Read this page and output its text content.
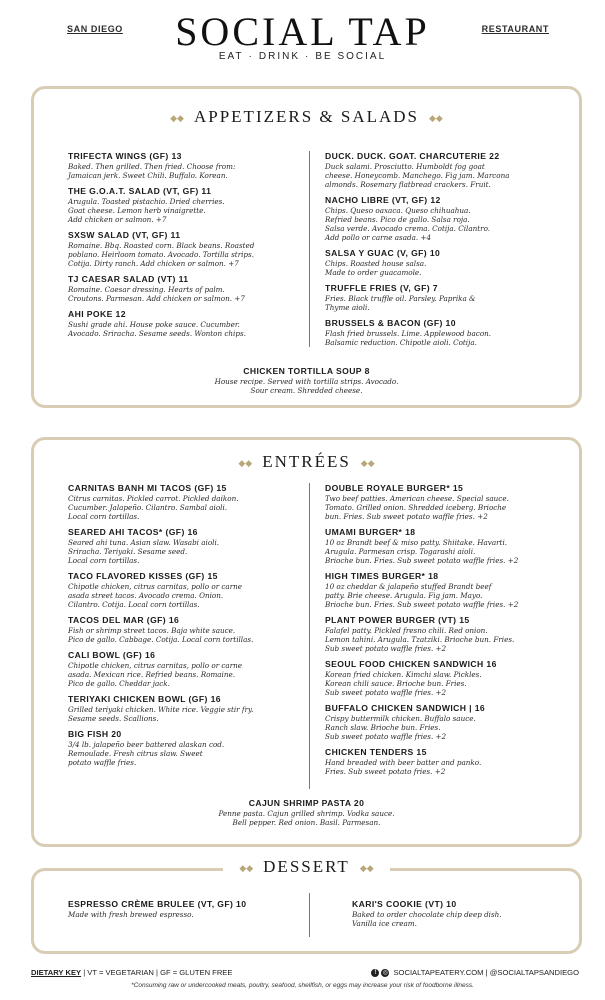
SAN DIEGO	SOCIAL TAP	RESTAURANT
EAT · DRINK · BE SOCIAL
◆◆ APPETIZERS & SALADS ◆◆
TRIFECTA WINGS (GF) 13
Baked. Then grilled. Then fried. Choose from:
Jamaican jerk. Sweet Chili. Buffalo. Korean.
THE G.O.A.T. SALAD (VT, GF) 11
Arugula. Toasted pistachio. Dried cherries.
Goat cheese. Lemon herb vinaigrette.
Add chicken or salmon. +7
SXSW SALAD (VT, GF) 11
Romaine. Bbq. Roasted corn. Black beans. Roasted
poblano. Heirloom tomato. Avocado. Tortilla strips.
Cotija. Dirty ranch. Add chicken or salmon. +7
TJ CAESAR SALAD (VT) 11
Romaine. Caesar dressing. Hearts of palm.
Croutons. Parmesan. Add chicken or salmon. +7
AHI POKE 12
Sushi grade ahi. House poke sauce. Cucumber.
Avocado. Sriracha. Sesame seeds. Wonton chips.
DUCK. DUCK. GOAT. CHARCUTERIE 22
Duck salami. Prosciutto. Humboldt fog goat
cheese. Honeycomb. Manchego. Fig jam. Marcona
almonds. Rosemary flatbread crackers. Fruit.
NACHO LIBRE (VT, GF) 12
Chips. Queso oaxaca. Queso chihuahua.
Refried beans. Pico de gallo. Salsa roja.
Salsa verde. Avocado crema. Cotija. Cilantro.
Add pollo or carne asada. +4
SALSA Y GUAC (V, GF) 10
Chips. Roasted house salsa.
Made to order guacamole.
TRUFFLE FRIES (V, GF) 7
Fries. Black truffle oil. Parsley. Paprika &
Thyme aioli.
BRUSSELS & BACON (GF) 10
Flash fried brussels. Lime. Applewood bacon.
Balsamic reduction. Chipotle aioli. Cotija.
CHICKEN TORTILLA SOUP 8
House recipe. Served with tortilla strips. Avocado.
Sour cream. Shredded cheese.
◆◆ ENTRÉES ◆◆
CARNITAS BANH MI TACOS (GF) 15
Citrus carnitas. Pickled carrot. Pickled daikon.
Cucumber. Jalapeño. Cilantro. Sambal aioli.
Local corn tortillas.
SEARED AHI TACOS* (GF) 16
Seared ahi tuna. Asian slaw. Wasabi aioli.
Sriracha. Teriyaki. Sesame seed.
Local corn tortillas.
TACO FLAVORED KISSES (GF) 15
Chipotle chicken, citrus carnitas, pollo or carne
asada street tacos. Avocado crema. Onion.
Cilantro. Cotija. Local corn tortillas.
TACOS DEL MAR (GF) 16
Fish or shrimp street tacos. Baja white sauce.
Pico de gallo. Cabbage. Cotija. Local corn tortillas.
CALI BOWL (GF) 16
Chipotle chicken, citrus carnitas, pollo or carne
asada. Mexican rice. Refried beans. Romaine.
Pico de gallo. Cheddar jack.
TERIYAKI CHICKEN BOWL (GF) 16
Grilled teriyaki chicken. White rice. Veggie stir fry.
Sesame seeds. Scallions.
BIG FISH 20
3/4 lb. jalapeño beer battered alaskan cod.
Remoulade. Fresh citrus slaw. Sweet
potato waffle fries.
DOUBLE ROYALE BURGER* 15
Two beef patties. American cheese. Special sauce.
Tomato. Grilled onion. Shredded iceberg. Brioche
bun. Fries. Sub sweet potato waffle fries. +2
UMAMI BURGER* 18
10 oz Brandt beef & miso patty. Shiitake. Havarti.
Arugula. Parmesan crisp. Togarashi aioli.
Brioche bun. Fries. Sub sweet potato waffle fries. +2
HIGH TIMES BURGER* 18
10 oz cheddar & jalapeño stuffed Brandt beef
patty. Brie cheese. Arugula. Fig jam. Mayo.
Brioche bun. Fries. Sub sweet potato waffle fries. +2
PLANT POWER BURGER (VT) 15
Falafel patty. Pickled fresno chili. Red onion.
Lemon tahini. Arugula. Tzatziki. Brioche bun. Fries.
Sub sweet potato waffle fries. +2
SEOUL FOOD CHICKEN SANDWICH 16
Korean fried chicken. Kimchi slaw. Pickles.
Korean chili sauce. Brioche bun. Fries.
Sub sweet potato waffle fries. +2
BUFFALO CHICKEN SANDWICH | 16
Crispy buttermilk chicken. Buffalo sauce.
Ranch slaw. Brioche bun. Fries.
Sub sweet potato waffle fries. +2
CHICKEN TENDERS 15
Hand breaded with beer batter and panko.
Fries. Sub sweet potato fries. +2
CAJUN SHRIMP PASTA 20
Penne pasta. Cajun grilled shrimp. Vodka sauce.
Bell pepper. Red onion. Basil. Parmesan.
◆◆ DESSERT ◆◆
ESPRESSO CRÈME BRULEE (VT, GF) 10
Made with fresh brewed espresso.
KARI'S COOKIE (VT) 10
Baked to order chocolate chip deep dish.
Vanilla ice cream.
DIETARY KEY | VT = VEGETARIAN | GF = GLUTEN FREE	f ◎ SOCIALTAPEATERY.COM | @SOCIALTAPSANDIEGO
*Consuming raw or undercooked meats, poultry, seafood, shellfish, or eggs may increase your risk of foodborne illness.
